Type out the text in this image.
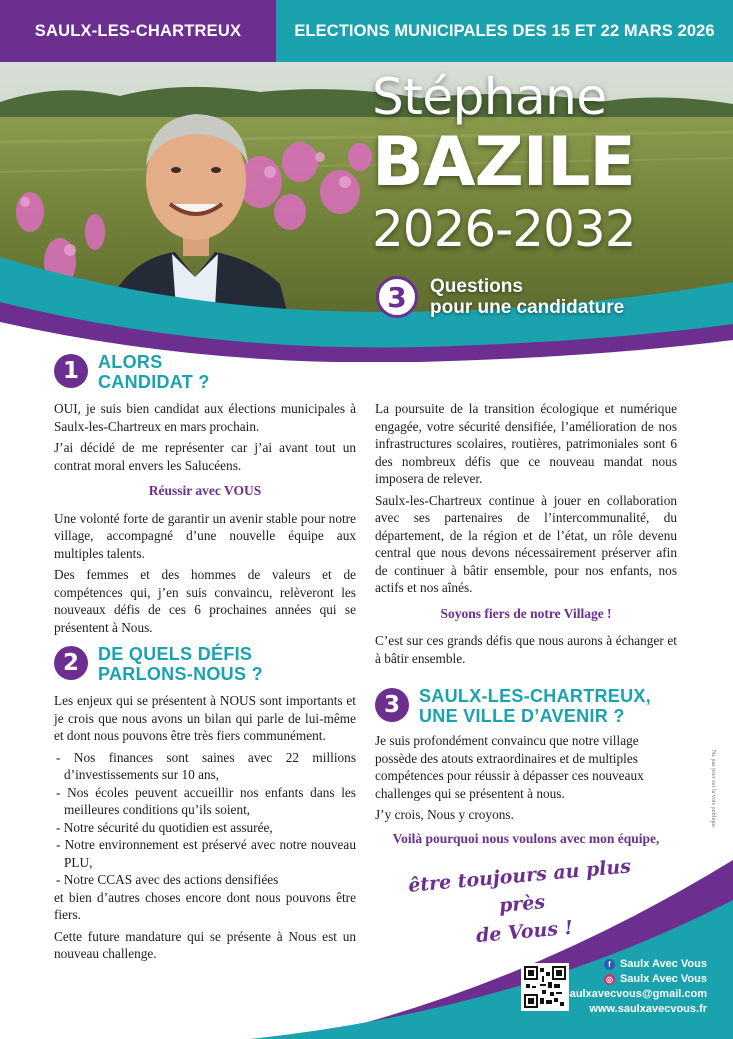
SAULX-LES-CHARTREUX	ELECTIONS MUNICIPALES DES 15 ET 22 MARS 2026
Stéphane
BAZILE
2026-2032
3	Questions
pour une candidature
1	ALORS
CANDIDAT ?

OUI, je suis bien candidat aux élections municipales à Saulx-les-Chartreux en mars prochain.

J’ai décidé de me représenter car j’ai avant tout un contrat moral envers les Salucéens.

Réussir avec VOUS

Une volonté forte de garantir un avenir stable pour notre village, accompagné d’une nouvelle équipe aux multiples talents.

Des femmes et des hommes de valeurs et de compétences qui, j’en suis convaincu, relèveront les nouveaux défis de ces 6 prochaines années qui se présentent à Nous.

2	DE QUELS DÉFIS
PARLONS-NOUS ?

Les enjeux qui se présentent à NOUS sont importants et je crois que nous avons un bilan qui parle de lui-même et dont nous pouvons être très fiers communément.

- Nos finances sont saines avec 22 millions d’investissements sur 10 ans,
- Nos écoles peuvent accueillir nos enfants dans les meilleures conditions qu’ils soient,
- Notre sécurité du quotidien est assurée,
- Notre environnement est préservé avec notre nouveau PLU,
- Notre CCAS avec des actions densifiées

et bien d’autres choses encore dont nous pouvons être fiers.

Cette future mandature qui se présente à Nous est un nouveau challenge.

La poursuite de la transition écologique et numérique engagée, votre sécurité densifiée, l’amélioration de nos infrastructures scolaires, routières, patrimoniales sont 6 des nombreux défis que ce nouveau mandat nous imposera de relever.

Saulx-les-Chartreux continue à jouer en collaboration avec ses partenaires de l’intercommunalité, du département, de la région et de l’état, un rôle devenu central que nous devons nécessairement préserver afin de continuer à bâtir ensemble, pour nos enfants, nos actifs et nos aînés.

Soyons fiers de notre Village !

C’est sur ces grands défis que nous aurons à échanger et à bâtir ensemble.

3	SAULX-LES-CHARTREUX,
UNE VILLE D’AVENIR ?

Je suis profondément convaincu que notre village possède des atouts extraordinaires et de multiples compétences pour réussir à dépasser ces nouveaux challenges qui se présentent à nous.

J’y crois, Nous y croyons.

Voilà pourquoi nous voulons avec mon équipe,
être toujours au plus près
de Vous !
Ne pas jeter sur la voie publique
f Saulx Avec Vous
◎ Saulx Avec Vous
saulxavecvous@gmail.com
www.saulxavecvous.fr
